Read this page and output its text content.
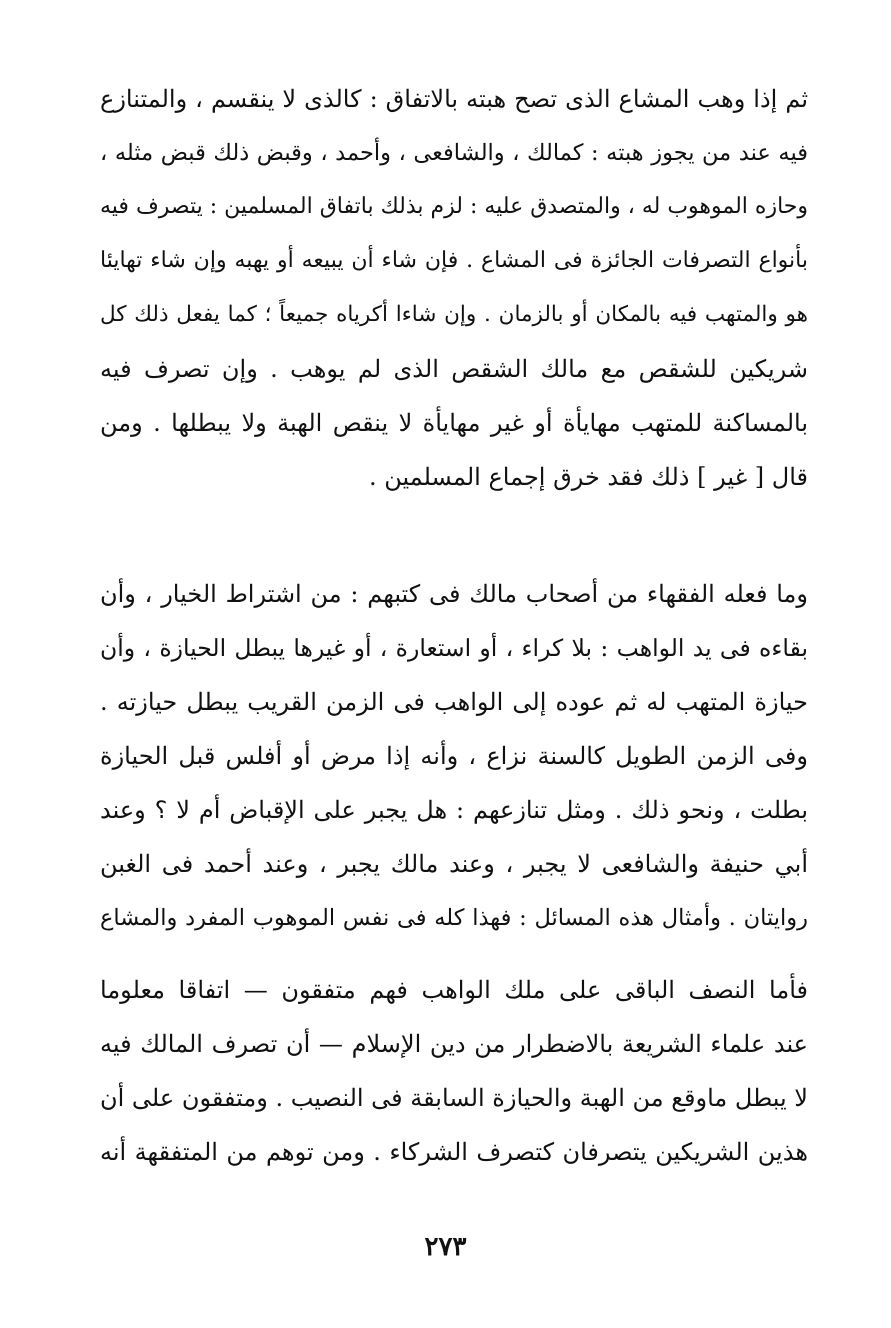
ثم إذا وهب المشاع الذى تصح هبته بالاتفاق : كالذى لا ينقسم ، والمتنازع
فيه عند من يجوز هبته : كمالك ، والشافعى ، وأحمد ، وقبض ذلك قبض مثله ،
وحازه الموهوب له ، والمتصدق عليه : لزم بذلك باتفاق المسلمين : يتصرف فيه
بأنواع التصرفات الجائزة فى المشاع . فإن شاء أن يبيعه أو يهبه وإن شاء تهايئا
هو والمتهب فيه بالمكان أو بالزمان . وإن شاءا أكرياه جميعاً ؛ كما يفعل ذلك كل
شريكين للشقص مع مالك الشقص الذى لم يوهب . وإن تصرف فيه
بالمساكنة للمتهب مهايأة أو غير مهايأة لا ينقص الهبة ولا يبطلها . ومن
قال [ غير ] ذلك فقد خرق إجماع المسلمين .
وما فعله الفقهاء من أصحاب مالك فى كتبهم : من اشتراط الخيار ، وأن
بقاءه فى يد الواهب : بلا كراء ، أو استعارة ، أو غيرها يبطل الحيازة ، وأن
حيازة المتهب له ثم عوده إلى الواهب فى الزمن القريب يبطل حيازته .
وفى الزمن الطويل كالسنة نزاع ، وأنه إذا مرض أو أفلس قبل الحيازة
بطلت ، ونحو ذلك . ومثل تنازعهم : هل يجبر على الإقباض أم لا ؟ وعند
أبي حنيفة والشافعى لا يجبر ، وعند مالك يجبر ، وعند أحمد فى الغبن
روايتان . وأمثال هذه المسائل : فهذا كله فى نفس الموهوب المفرد والمشاع
فأما النصف الباقى على ملك الواهب فهم متفقون — اتفاقا معلوما
عند علماء الشريعة بالاضطرار من دين الإسلام — أن تصرف المالك فيه
لا يبطل ماوقع من الهبة والحيازة السابقة فى النصيب . ومتفقون على أن
هذين الشريكين يتصرفان كتصرف الشركاء . ومن توهم من المتفقهة أنه
٢٧٣
